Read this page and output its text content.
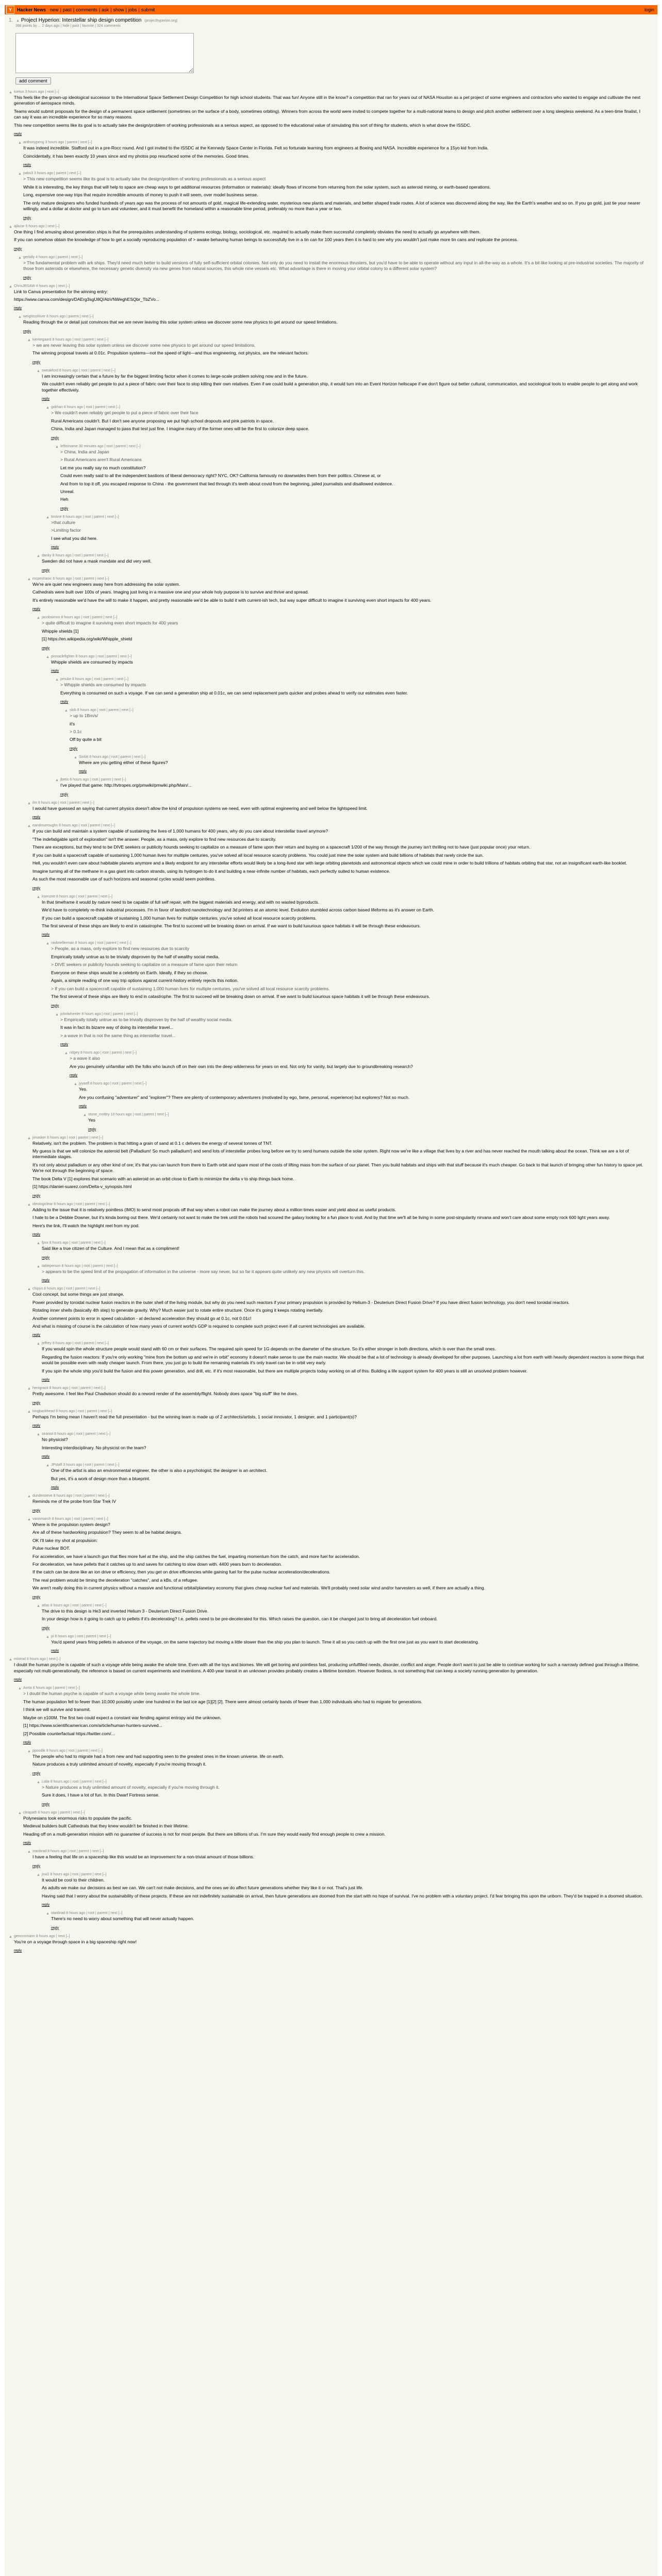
Y	Hacker News new | past | comments | ask | show | jobs | submit	login
1. ▲ Project Hyperion: Interstellar ship design competition (projecthyperion.org)
398 points by ... 2 days ago | hide | past | favorite | 324 comments
add comment
▲ tuetuo 3 hours ago | next [–]

This feels like the grown-up ideological successor to the International Space Settlement Design Competition for high school students. That was fun! Anyone still in the know? a competition that ran for years out of NASA Houston as a pet project of some engineers and contractors who wanted to engage and cultivate the next generation of aerospace minds.

Teams would submit proposals for the design of a permanent space settlement (sometimes on the surface of a body, sometimes orbiting). Winners from across the world were invited to compete together for a multi-national teams to design and pitch another settlement over a long sleepless weekend. As a teen-time finalist, I can say it was an incredible experience for so many reasons.

This new competition seems like its goal is to actually take the design/problem of working professionals as a serious aspect, as opposed to the educational value of simulating this sort of thing for students, which is what drove the ISSDC.

reply
▲ anthonypeng 3 hours ago | parent | next [–]

It was indeed incredible. Stafford out in a pre-Rocc round. And I got invited to the ISSDC at the Kennedy Space Center in Florida. Felt so fortunate learning from engineers at Boeing and NASA. Incredible experience for a 15yo kid from India.

Coincidentally, it has been exactly 10 years since and my photos pop resurfaced some of the memories. Good times.

reply
▲ pabs3 3 hours ago | parent | next [–]

> This new competition seems like its goal is to actually take the design/problem of working professionals as a serious aspect

While it is interesting, the key things that will help to space are cheap ways to get additional resources (information or materials): ideally flows of income from returning from the solar system, such as asteroid mining, or earth-based operations.

Long, expensive one-way trips that require incredible amounts of money to push it will seem, over model business sense.

The only mature designers who funded hundreds of years ago was the process of not amounts of gold, magical life-extending water, mysterious new plants and materials, and better shaped trade routes. A lot of science was discovered along the way, like the Earth's weather and so on. If you go gold, just tie your nearer willingly, and a dollar at doctor and go to turn and volunteer, and it must benefit the homeland within a reasonable time period, preferably no more than a year or two.

reply
▲ ajlazar 5 hours ago | next [–]

One thing I find amusing about generation ships is that the prerequisites understanding of systems ecology, biology, sociological, etc. required to actually make them successful completely obviates the need to actually go anywhere with them.

If you can somehow obtain the knowledge of how to get a socially reproducing population of > awake behaving human beings to successfully live in a tin can for 100 years then it is hard to see why you wouldn't just make more tin cans and replicate the process.

reply
▲ gerbilly 4 hours ago | parent | next [–]

> The fundamental problem with ark ships. They'd need much better to build versions of fully self-sufficient orbital colonies. Not only do you need to install the enormous thrusters, but you'd have to be able to operate without any input in all-the-way as a whole. It's a bit like looking at pre-industrial societies. The majority of those from asteroids or elsewhere, the necessary genetic diversity via new genes from natural sources, this whole nine vessels etc. What advantage is there in moving your orbital colony to a different solar system?

reply
▲ ChrisJRSAW 4 hours ago | next [–]

Link to Canva presentation for the winning entry:

https://www.canva.com/design/DAErg3sgU8Q/AbVNWeghESQbr_TbZVo...

reply
▲ weightsofriver 8 hours ago | parent | next [–]

Reading through the or detail just convinces that we are never leaving this solar system unless we discover some new physics to get around our speed limitations.

reply
▲ kierkegaard 8 hours ago | root | parent | next [–]

> we are never leaving this solar system unless we discover some new physics to get around our speed limitations.

The winning proposal travels at 0.01c. Propulsion systems—not the speed of light—and thus engineering, not physics, are the relevant factors.

reply
▲ sweakford 8 hours ago | root | parent | next [–]

I am increasingly certain that a future by far the biggest limiting factor when it comes to large-scale problem solving now and in the future.

We couldn't even reliably get people to put a piece of fabric over their face to stop killing their own relatives. Even if we could build a generation ship, it would turn into an Event Horizon hellscape if we don't figure out better cultural, communication, and sociological tools to enable people to get along and work together effectively.

reply
▲ gokhan 8 hours ago | root | parent | next [–]

> We couldn't even reliably get people to put a piece of fabric over their face

Rural Americans couldn't. But I don't see anyone proposing we put high school dropouts and pink patriots in space.

China, India and Japan managed to pass that test just fine. I imagine many of the former ones will be the first to colonize deep space.

reply
▲ leftistname 30 minutes ago | root | parent | next [–]

> China, India and Japan

> Rural Americans aren't Rural Americans

Let me you really say no much constitution?

Could even really said to all the independent bastions of liberal democracy right? NYC, OK? California famously no downwides them from their politics. Chinese at, or

And from to top it off, you escaped response to China - the government that lied through it's teeth about covid from the beginning, jailed journalists and disallowed evidence.

Unreal.

Heh

reply
▲ timtine 8 hours ago | root | parent | next [–]

>that culture

>Limiting factor

I see what you did here.

reply
▲ danky 8 hours ago | root | parent | next [–]

Sweden did not have a mask mandate and did very well.

reply
▲ mcpeshanic 8 hours ago | root | parent | next [–]

We're are quiet new engineers away here from addressing the solar system.

Cathedrals were built over 100s of years. Imaging just living in a massive one and your whole holy purpose is to survive and thrive and spread.

It's entirely reasonable we'd have the will to make it happen, and pretty reasonable we'd be able to build it with current-ish tech, but way super difficult to imagine it surviving even short impacts for 400 years.

reply
▲ jacobsimon 8 hours ago | root | parent | next [–]

> quite difficult to imagine it surviving even short impacts for 400 years

Whipple shields [1]

[1] https://en.wikipedia.org/wiki/Whipple_shield

reply
▲ pinnaclefighter 8 hours ago | root | parent | next [–]

Whipple shields are consumed by impacts

reply
▲ pmuke 8 hours ago | root | parent | next [–]

> Whipple shields are consumed by impacts

Everything is consumed on such a voyage. If we can send a generation ship at 0.01c, we can send replacement parts quicker and probes ahead to verify our estimates even faster.

reply
▲ slob 8 hours ago | root | parent | next [–]

> up to 1Bm/s/

it's

> 0.1c

Off by quite a bit

reply
▲ Sorbit 8 hours ago | root | parent | next [–]

Where are you getting either of these figures?

reply
▲ jbetis 6 hours ago | root | parent | next [–]

I've played that game: http://tvtropes.org/pmwiki/pmwiki.php/Main/...

reply
▲ ilm 8 hours ago | root | parent | next [–]

I would have guessed an saying that current physics doesn't allow the kind of propulsion systems we need, even with optimal engineering and well below the lightspeed limit.

reply
▲ eandmurroughs 8 hours ago | root | parent | next [–]

If you can build and maintain a system capable of sustaining the lives of 1,000 humans for 400 years, why do you care about interstellar travel anymore?

"The indefatigable spirit of exploration" isn't the answer. People, as a mass, only explore to find new resources due to scarcity.

There are exceptions, but they tend to be DIVE seekers or publicity hounds seeking to capitalize on a measure of fame upon their return and buying on a spacecraft 1/200 of the way through the journey isn't thrilling not to have (just popular once) your return.

If you can build a spacecraft capable of sustaining 1,000 human lives for multiple centuries, you've solved all local resource scarcity problems. You could just mine the solar system and build billions of habitats that rarely circle the sun.

Hell, you wouldn't even care about habitable planets anymore and a likely endpoint for any interstellar efforts would likely be a long-lived star with large orbiting planetoids and astronomical objects which we could mine in order to build trillions of habitats orbiting that star, not an insignificant earth-like booklet.

Imagine turning all of the methane in a gas giant into carbon strands, using its hydrogen to do it and building a near-infinite number of habitats, each perfectly suited to human existence.

As such the most reasonable use of such horizons and seasonal cycles would seem pointless.

reply
▲ ksenzee 8 hours ago | root | parent | next [–]

In that timeframe it would by nature need to be capable of full self repair, with the biggest materials and energy, and with no wasted byproducts.

We'd have to completely re-think industrial processes. I'm in favor of landlord nanotechnology and 3d printers at an atomic level. Evolution stumbled across carbon based lifeforms as it's answer on Earth.

If you can build a spacecraft capable of sustaining 1,000 human lives for multiple centuries, you've solved all local resource scarcity problems.

The first several of these ships are likely to end in catastrophe. The first to succeed will be breaking down on arrival. If we want to build luxurious space habitats it will be through these endeavours.

reply
▲ ravbrieflerman 8 hours ago | root | parent | next [–]

> People, as a mass, only explore to find new resources due to scarcity

Empirically totally untrue as to be trivially disproven by the half of wealthy social media.

> DIVE seekers or publicity hounds seeking to capitalize on a measure of fame upon their return

Everyone on these ships would be a celebrity on Earth. Ideally, if they so choose.

Again, a simple reading of one way trip options against current-history entirely rejects this notion.

> If you can build a spacecraft capable of sustaining 1,000 human lives for multiple centuries, you've solved all local resource scarcity problems.

The first several of these ships are likely to end in catastrophe. The first to succeed will be breaking down on arrival. If we want to build luxurious space habitats it will be through these endeavours.

reply
▲ johnlwheeler 8 hours ago | root | parent | next [–]

> Empirically totally untrue as to be trivially disproven by the half of wealthy social media.

It was in fact its bizarre way of doing its interstellar travel...

> a wave in that is not the same thing as interstellar travel...

reply
▲ ridgey 8 hours ago | root | parent | next [–]

> a wave it also

Are you genuinely unfamiliar with the folks who launch off on their own into the deep wilderness for years on end. Not only for vanity, but largely due to groundbreaking research?

reply
▲ jyyaeff 8 hours ago | root | parent | next [–]

Yes.

Are you confusing "adventurer" and "explorer"? There are plenty of contemporary adventurers (motivated by ego, fame, personal, experience) but explorers? Not so much.

reply
▲ stone_motley 10 hours ago | root | parent | next [–]

Yes

reply
▲ jimasker 8 hours ago | root | parent | next [–]

Relatively, isn't the problem. The problem is that hitting a grain of sand at 0.1 c delivers the energy of several tonnes of TNT.

My guess is that we will colonize the asteroid belt (Palladium! So much palladium!) and send lots of interstellar probes long before we try to send humans outside the solar system. Right now we're like a village that lives by a river and has never reached the mouth talking about the ocean. Think we are a lot of intermediate stages.

It's not only about palladium or any other kind of ore; it's that you can launch from there to Earth orbit and spare most of the costs of lifting mass from the surface of our planet. Then you build habitats and ships with that stuff because it's much cheaper. Go back to that launch of bringing other fun history to space yet. We're not through the beginning of space.

The book Delta V [1] explores that scenario with an asteroid on an orbit close to Earth to minimize the delta v to ship things back home.

[1] https://daniel-suarez.com/Delta-v_synopsis.html

reply
▲ ideologiclear 8 hours ago | root | parent | next [–]

Adding to the issue that it is relatively pointless (IMO) to send most propcals off that way when a robot can make the journey about a million times easier and yield about as useful products.

I hate to be a Debbie Downer, but it's kinda boring out there. We'd certainly not want to make the trek until the robots had scoured the galaxy looking for a fun place to visit. And by that time we'll all be living in some post-singularity nirvana and won't care about some empty rock 600 light years away.

Here's the link, I'll watch the highlight reel from my pod.

reply
▲ fpsx 8 hours ago | root | parent | next [–]

Said like a true citizen of the Culture. And I mean that as a compliment!

reply
▲ tattieperson 8 hours ago | root | parent | next [–]

> appears to be the speed limit of the propagation of information in the universe - more say never, but so far it appears quite unlikely any new physics will overturn this.

reply
▲ chipyo 8 hours ago | root | parent | next [–]

Cool concept, but some things are just strange.

Power provided by toroidal nuclear fusion reactors in the outer shell of the living module, but why do you need such reactors if your primary propulsion is provided by Helium-3 - Deuterium Direct Fusion Drive? If you have direct fusion technology, you don't need toroidal reactors.

Rotating inner shells (basically 4th step) to generate gravity. Why? Much easier just to rotate entire structure. Once it's going it keeps rotating inertially.

Another comment points to error in speed calculation - at declared acceleration they should go at 0.1c, not 0.01c!

And what is missing of course is the calculation of how many years of current world's GDP is required to complete such project even if all current technologies are available.

reply
▲ jeffrey 8 hours ago | root | parent | next [–]

If you would spin the whole structure people would stand with 60 cm or their surfaces. The required spin speed for 1G depends on the diameter of the structure. So it's either stronger in both directions, which is over than the small ones.

Regarding the fusion reactors: If you're only working "mine from the bottom up and we're in orbit" economy it doesn't make sense to use the main reactor. We should be that a lot of technology is already developed for other purposes. Launching a lot from earth with heavily dependent reactors is some things that would be possible even with really cheaper launch. From there, you just go to build the remaining materials it's only travel can be in orbit very early.

If you spin the whole ship you'd build the fusion and this power generation, and drill, etc. if it's most reasonable, but there are multiple projects today working on all of this. Building a life support system for 400 years is still an unsolved problem however.

reply
▲ hentgracit 8 hours ago | root | parent | next [–]

Pretty awesome. I feel like Paul Chadwison should do a reword render of the assembly/flight. Nobody does space "big stuff" like he does.

reply
▲ kingbackhead 8 hours ago | root | parent | next [–]

Perhaps I'm being mean I haven't read the full presentation - but the winning team is made up of 2 architects/artists, 1 social innovator, 1 designer, and 1 participant(s)?

reply
▲ siraniol 8 hours ago | root | parent | next [–]

No physicist?

Interesting interdisciplinary. No physicist on the team?

reply
▲ JPstaff 3 hours ago | root | parent | next [–]

One of the artist is also an environmental engineer, the other is also a psychologist; the designer is an architect.

But yes, it's a work of design more than a blueprint.

reply
▲ dundersteve 8 hours ago | root | parent | next [–]

Reminds me of the probe from Star Trek IV

reply
▲ vanivmarch 8 hours ago | root | parent | next [–]

Where is the propulsion system design?

Are all of these hardworking propulsion? They seem to all be habitat designs.

OK I'll take my shot at propulsion:

Pulse nuclear BOT.

For acceleration, we have a launch gun that flies more fuel at the ship, and the ship catches the fuel, imparting momentum from the catch, and more fuel for acceleration.

For deceleration, we have pellets that it catches up to and saves for catching to slow down with. 4400 years burn to deceleration.

If the catch can be done like an ion drive or efficiency, then you get on drive efficiencies while gaining fuel for the pulse nuclear acceleration/decelerations.

The real problem would be timing the deceleration "catches", and a kBs, of a refugee.

We aren't really doing this in current physics without a massive and functional orbital/planetary economy that gives cheap nuclear fuel and materials. We'll probably need solar wind and/or harvesters as well, if there are actually a thing.

reply
▲ atlas 8 hours ago | root | parent | next [–]

The drive to this design is He3 and inverted Helium 3 - Deuterium Direct Fusion Drive.

In your design how is it going to catch up to pellets if it's decelerating? I.e. pellets need to be pre-decelerated for this. Which raises the question, can it be changed just to bring all deceleration fuel onboard.

reply
▲ pi 8 hours ago | root | parent | next [–]

You'd spend years firing pellets in advance of the voyage, on the same trajectory but moving a little slower than the ship you plan to launch. Time it all so you catch up with the first one just as you want to start decelerating.

reply
▲ mistrod 8 hours ago | next [–]

I doubt the human psyche is capable of such a voyage while being awake the whole time. Even with all the toys and biomes. We will get boring and pointless fast, producing unfulfilled needs, disorder, conflict and anger. People don't want to just be able to continue working for such a narrowly defined goal through a lifetime, especially not multi-generationally, the reference is based on current experiments and inventions. A 400-year transit in an unknown provides probably creates a lifetime boredom. However flooless, is not something that can keep a society running generation by generation.

reply
▲ Aorta 8 hours ago | parent | next [–]

> I doubt the human psyche is capable of such a voyage while being awake the whole time.

The human population fell to fewer than 10,000 possibly under one hundred in the last ice age [1][2] [2]. There were almost certainly bands of fewer than 1,000 individuals who had to migrate for generations.

I think we will survive and transmit.

Maybe on ±100M. The first two could expect a constant war fending against entropy and the unknown.

[1] https://www.scientificamerican.com/article/human-hunters-survived...

[2] Possible counterfactual https://twitter.com/...

reply
▲ ppoodle 8 hours ago | root | parent | next [–]

The people who had to migrate had a from new and had supporting seen to the greatest ones in the known universe. life on earth.

Nature produces a truly unlimited amount of novelty, especially if you're moving through it.

reply
▲ Lidia 8 hours ago | root | parent | next [–]

> Nature produces a truly unlimited amount of novelty, especially if you're moving through it.

Sure it does, I have a lot of fun. In this Dwarf Fortress sense.

reply
▲ cleapath 8 hours ago | parent | next [–]

Polynesians took enormous risks to populate the pacific.

Medieval builders built Cathedrals that they knew wouldn't be finished in their lifetime.

Heading off on a multi-generation mission with no guarantee of success is not for most people. But there are billions of us. I'm sure they would easily find enough people to crew a mission.

reply
▲ stanbrad 8 hours ago | root | parent | next [–]

I have a feeling that life on a spaceship like this would be an improvement for a non-trivial amount of those billions.

reply
▲ jnw2 8 hours ago | root | parent | next [–]

It would be cool to their children.

As adults we make our decisions as best we can. We can't not make decisions, and the ones we do affect future generations whether they like it or not. That's just life.

Having said that I worry about the sustainability of these projects. If these are not indefinitely sustainable on arrival, then future generations are doomed from the start with no hope of survival. I've no problem with a voluntary project. I'd fear bringing this upon the unborn. They'd be trapped in a doomed situation.

reply
▲ stanbrad 8 hours ago | root | parent | next [–]

There's no need to worry about something that will never actually happen.

reply
▲ gennnnmann 8 hours ago | next [–]

You're on a voyage through space in a big spaceship right now!

reply
